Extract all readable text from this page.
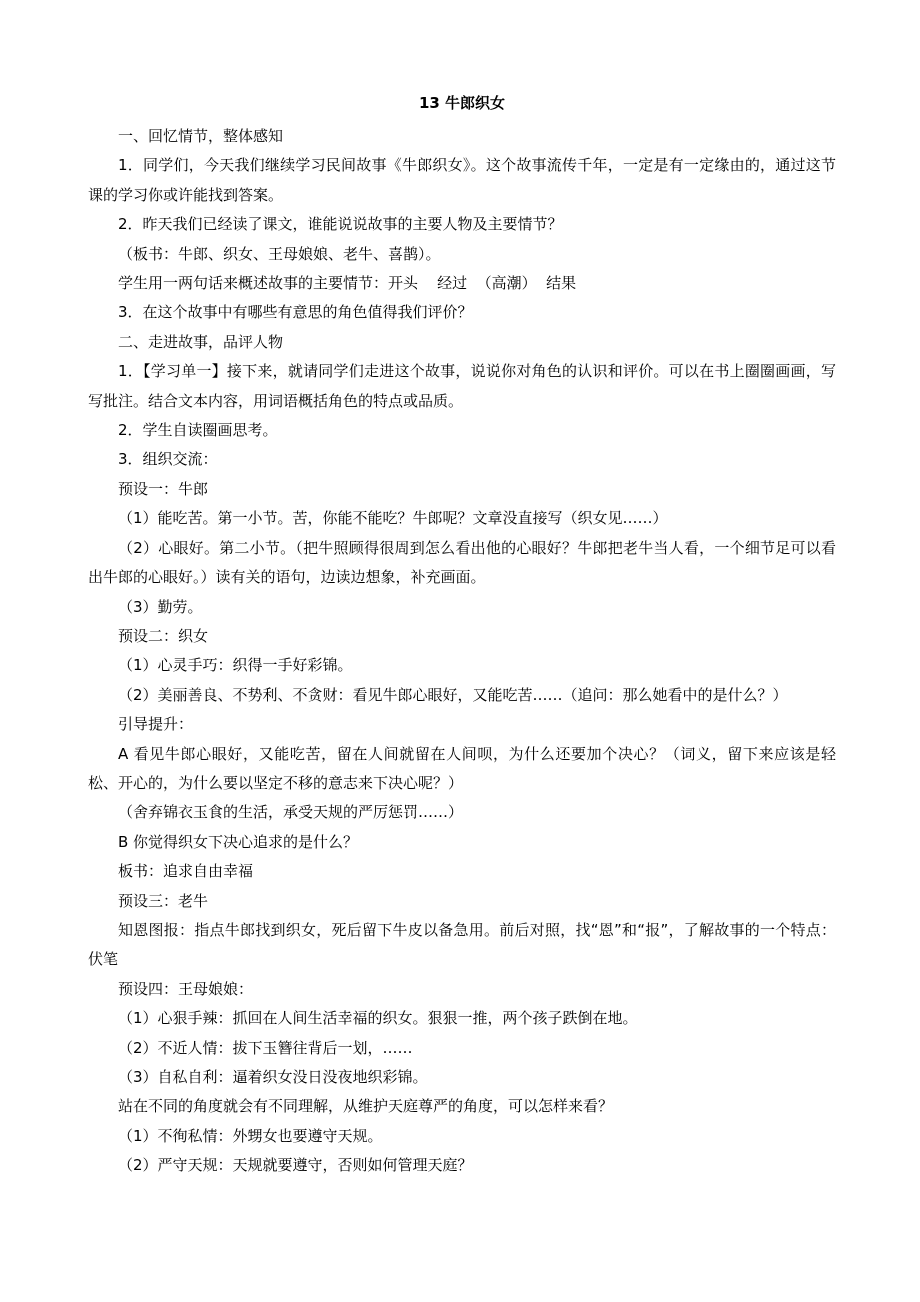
13 牛郎织女

一、回忆情节，整体感知

1．同学们，今天我们继续学习民间故事《牛郎织女》。这个故事流传千年，一定是有一定缘由的，通过这节课的学习你或许能找到答案。

2．昨天我们已经读了课文，谁能说说故事的主要人物及主要情节？

（板书：牛郎、织女、王母娘娘、老牛、喜鹊）。

学生用一两句话来概述故事的主要情节：开头    经过  （高潮）  结果

3．在这个故事中有哪些有意思的角色值得我们评价？

二、走进故事，品评人物

1．【学习单一】接下来，就请同学们走进这个故事，说说你对角色的认识和评价。可以在书上圈圈画画，写写批注。结合文本内容，用词语概括角色的特点或品质。

2．学生自读圈画思考。

3．组织交流：

预设一：牛郎

（1）能吃苦。第一小节。苦，你能不能吃？牛郎呢？文章没直接写（织女见……）

（2）心眼好。第二小节。（把牛照顾得很周到怎么看出他的心眼好？牛郎把老牛当人看，一个细节足可以看出牛郎的心眼好。）读有关的语句，边读边想象，补充画面。

（3）勤劳。

预设二：织女

（1）心灵手巧：织得一手好彩锦。

（2）美丽善良、不势利、不贪财：看见牛郎心眼好，又能吃苦……（追问：那么她看中的是什么？）

引导提升：

A 看见牛郎心眼好，又能吃苦，留在人间就留在人间呗，为什么还要加个决心？（词义，留下来应该是轻松、开心的，为什么要以坚定不移的意志来下决心呢？）

（舍弃锦衣玉食的生活，承受天规的严厉惩罚……）

B 你觉得织女下决心追求的是什么？

板书：追求自由幸福

预设三：老牛

知恩图报：指点牛郎找到织女，死后留下牛皮以备急用。前后对照，找“恩”和“报”，了解故事的一个特点：伏笔

预设四：王母娘娘：

（1）心狠手辣：抓回在人间生活幸福的织女。狠狠一推，两个孩子跌倒在地。

（2）不近人情：拔下玉簪往背后一划，……

（3）自私自利：逼着织女没日没夜地织彩锦。

站在不同的角度就会有不同理解，从维护天庭尊严的角度，可以怎样来看？

（1）不徇私情：外甥女也要遵守天规。

（2）严守天规：天规就要遵守，否则如何管理天庭？
